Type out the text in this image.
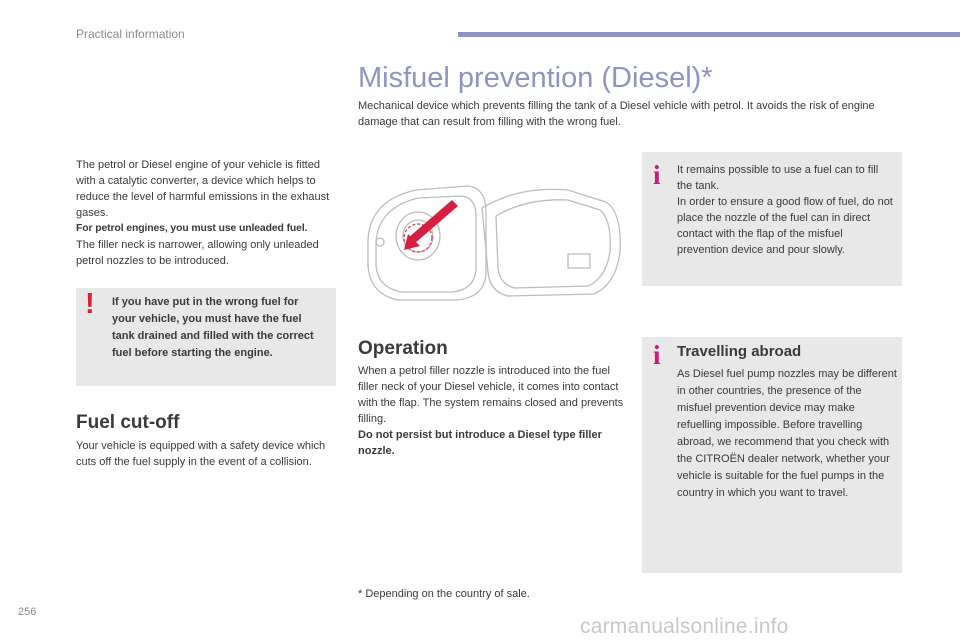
Practical information
Misfuel prevention (Diesel)*
Mechanical device which prevents filling the tank of a Diesel vehicle with petrol. It avoids the risk of engine damage that can result from filling with the wrong fuel.
The petrol or Diesel engine of your vehicle is fitted with a catalytic converter, a device which helps to reduce the level of harmful emissions in the exhaust gases.
For petrol engines, you must use unleaded fuel.
The filler neck is narrower, allowing only unleaded petrol nozzles to be introduced.
! If you have put in the wrong fuel for your vehicle, you must have the fuel tank drained and filled with the correct fuel before starting the engine.
Fuel cut-off
Your vehicle is equipped with a safety device which cuts off the fuel supply in the event of a collision.
Operation
When a petrol filler nozzle is introduced into the fuel filler neck of your Diesel vehicle, it comes into contact with the flap. The system remains closed and prevents filling.
Do not persist but introduce a Diesel type filler nozzle.
i It remains possible to use a fuel can to fill the tank.
In order to ensure a good flow of fuel, do not place the nozzle of the fuel can in direct contact with the flap of the misfuel prevention device and pour slowly.
i Travelling abroad
As Diesel fuel pump nozzles may be different in other countries, the presence of the misfuel prevention device may make refuelling impossible. Before travelling abroad, we recommend that you check with the CITROËN dealer network, whether your vehicle is suitable for the fuel pumps in the country in which you want to travel.
* Depending on the country of sale.
256
carmanualsonline.info
